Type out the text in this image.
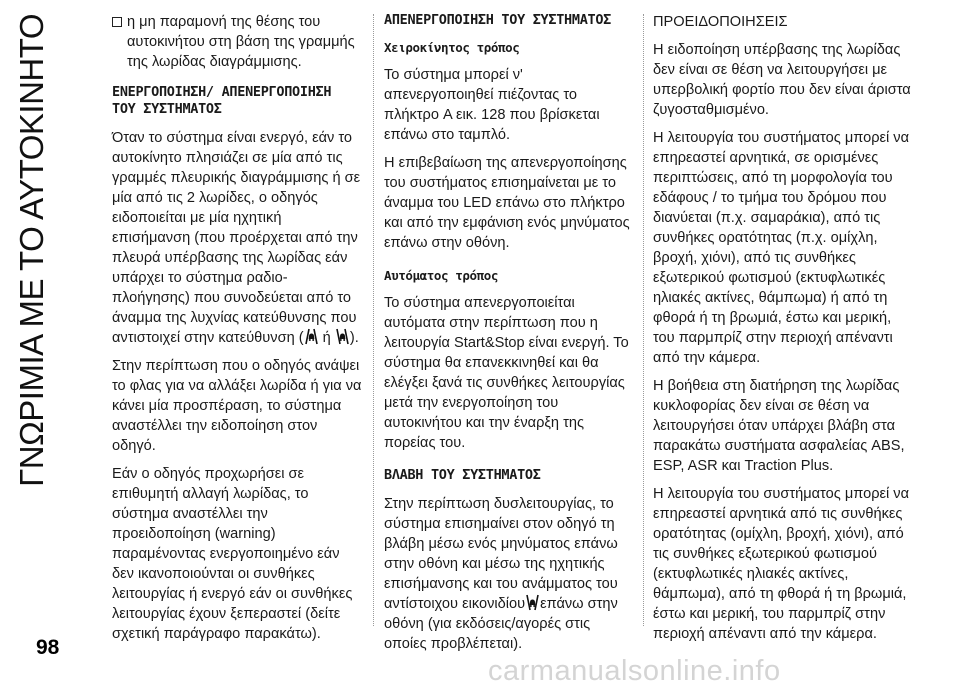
ΓΝΩΡΙΜΙΑ ΜΕ ΤΟ ΑΥΤΟΚΙΝΗΤΟ	η μη παραμονή της θέσης του αυτοκινήτου στη βάση της γραμμής της λωρίδας διαγράμμισης.
ΕΝΕΡΓΟΠΟΙΗΣΗ/ ΑΠΕΝΕΡΓΟΠΟΙΗΣΗ ΤΟΥ ΣΥΣΤΗΜΑΤΟΣ

Όταν το σύστημα είναι ενεργό, εάν το αυτοκίνητο πλησιάζει σε μία από τις γραμμές πλευρικής διαγράμμισης ή σε μία από τις 2 λωρίδες, ο οδηγός ειδοποιείται με μία ηχητική επισήμανση (που προέρχεται από την πλευρά υπέρβασης της λωρίδας εάν υπάρχει το σύστημα ραδιο-πλοήγησης) που συνοδεύεται από το άναμμα της λυχνίας κατεύθυνσης που αντιστοιχεί στην κατεύθυνση ( ή ).

Στην περίπτωση που ο οδηγός ανάψει το φλας για να αλλάξει λωρίδα ή για να κάνει μία προσπέραση, το σύστημα αναστέλλει την ειδοποίηση στον οδηγό.

Εάν ο οδηγός προχωρήσει σε επιθυμητή αλλαγή λωρίδας, το σύστημα αναστέλλει την προειδοποίηση (warning) παραμένοντας ενεργοποιημένο εάν δεν ικανοποιούνται οι συνθήκες λειτουργίας ή ενεργό εάν οι συνθήκες λειτουργίας έχουν ξεπεραστεί (δείτε σχετική παράγραφο παρακάτω).

ΑΠΕΝΕΡΓΟΠΟΙΗΣΗ ΤΟΥ ΣΥΣΤΗΜΑΤΟΣ
Χειροκίνητος τρόπος

Το σύστημα μπορεί ν' απενεργοποιηθεί πιέζοντας το πλήκτρο A εικ. 128 που βρίσκεται επάνω στο ταμπλό.

Η επιβεβαίωση της απενεργοποίησης του συστήματος επισημαίνεται με το άναμμα του LED επάνω στο πλήκτρο και από την εμφάνιση ενός μηνύματος επάνω στην οθόνη.

Αυτόματος τρόπος

Το σύστημα απενεργοποιείται αυτόματα στην περίπτωση που η λειτουργία Start&Stop είναι ενεργή. Το σύστημα θα επανεκκινηθεί και θα ελέγξει ξανά τις συνθήκες λειτουργίας μετά την ενεργοποίηση του αυτοκινήτου και την έναρξη της πορείας του.

ΒΛΑΒΗ ΤΟΥ ΣΥΣΤΗΜΑΤΟΣ

Στην περίπτωση δυσλειτουργίας, το σύστημα επισημαίνει στον οδηγό τη βλάβη μέσω ενός μηνύματος επάνω στην οθόνη και μέσω της ηχητικής επισήμανσης και του ανάμματος του αντίστοιχου εικονιδίου επάνω στην οθόνη (για εκδόσεις/αγορές στις οποίες προβλέπεται).

ΠΡΟΕΙΔΟΠΟΙΗΣΕΙΣ

Η ειδοποίηση υπέρβασης της λωρίδας δεν είναι σε θέση να λειτουργήσει με υπερβολική φορτίο που δεν είναι άριστα ζυγοσταθμισμένο.

Η λειτουργία του συστήματος μπορεί να επηρεαστεί αρνητικά, σε ορισμένες περιπτώσεις, από τη μορφολογία του εδάφους / το τμήμα του δρόμου που διανύεται (π.χ. σαμαράκια), από τις συνθήκες ορατότητας (π.χ. ομίχλη, βροχή, χιόνι), από τις συνθήκες εξωτερικού φωτισμού (εκτυφλωτικές ηλιακές ακτίνες, θάμπωμα) ή από τη φθορά ή τη βρωμιά, έστω και μερική, του παρμπρίζ στην περιοχή απέναντι από την κάμερα.

Η βοήθεια στη διατήρηση της λωρίδας κυκλοφορίας δεν είναι σε θέση να λειτουργήσει όταν υπάρχει βλάβη στα παρακάτω συστήματα ασφαλείας ABS, ESP, ASR και Traction Plus.

Η λειτουργία του συστήματος μπορεί να επηρεαστεί αρνητικά από τις συνθήκες ορατότητας (ομίχλη, βροχή, χιόνι), από τις συνθήκες εξωτερικού φωτισμού (εκτυφλωτικές ηλιακές ακτίνες, θάμπωμα), από τη φθορά ή τη βρωμιά, έστω και μερική, του παρμπρίζ στην περιοχή απέναντι από την κάμερα.

98
carmanualsonline.info
